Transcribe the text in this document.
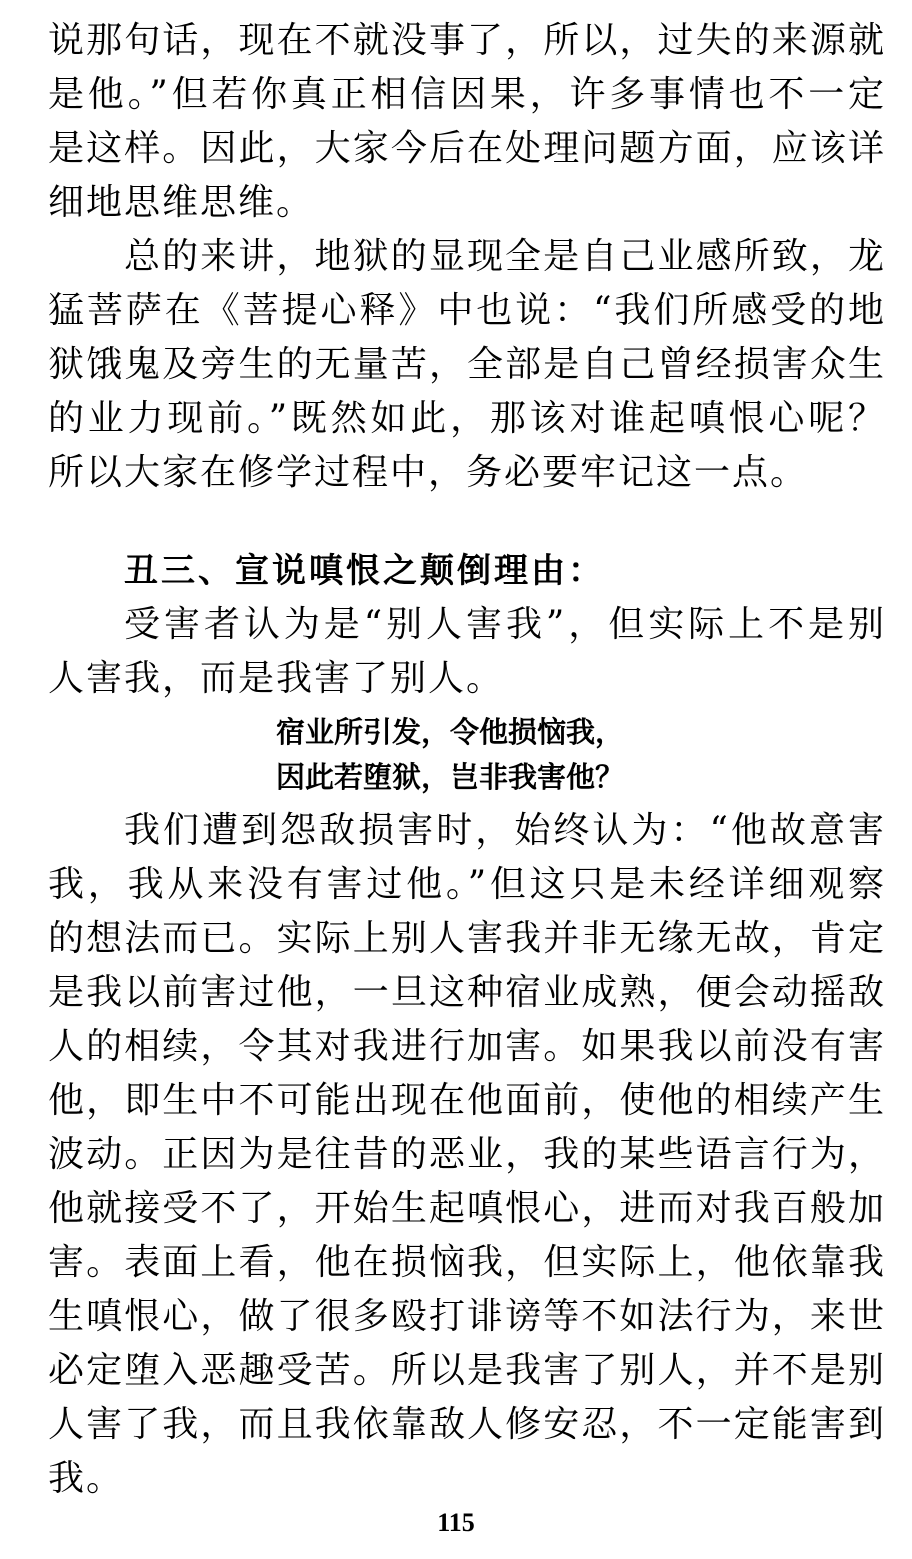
说那句话，现在不就没事了，所以，过失的来源就是他。”但若你真正相信因果，许多事情也不一定是这样。因此，大家今后在处理问题方面，应该详细地思维思维。

总的来讲，地狱的显现全是自己业感所致，龙猛菩萨在《菩提心释》中也说：“我们所感受的地狱饿鬼及旁生的无量苦，全部是自己曾经损害众生的业力现前。”既然如此，那该对谁起嗔恨心呢？所以大家在修学过程中，务必要牢记这一点。

丑三、宣说嗔恨之颠倒理由：

受害者认为是“别人害我”，但实际上不是别人害我，而是我害了别人。

宿业所引发，令他损恼我，
因此若堕狱，岂非我害他？

我们遭到怨敌损害时，始终认为：“他故意害我，我从来没有害过他。”但这只是未经详细观察的想法而已。实际上别人害我并非无缘无故，肯定是我以前害过他，一旦这种宿业成熟，便会动摇敌人的相续，令其对我进行加害。如果我以前没有害他，即生中不可能出现在他面前，使他的相续产生波动。正因为是往昔的恶业，我的某些语言行为，他就接受不了，开始生起嗔恨心，进而对我百般加害。表面上看，他在损恼我，但实际上，他依靠我生嗔恨心，做了很多殴打诽谤等不如法行为，来世必定堕入恶趣受苦。所以是我害了别人，并不是别人害了我，而且我依靠敌人修安忍，不一定能害到我。

115
